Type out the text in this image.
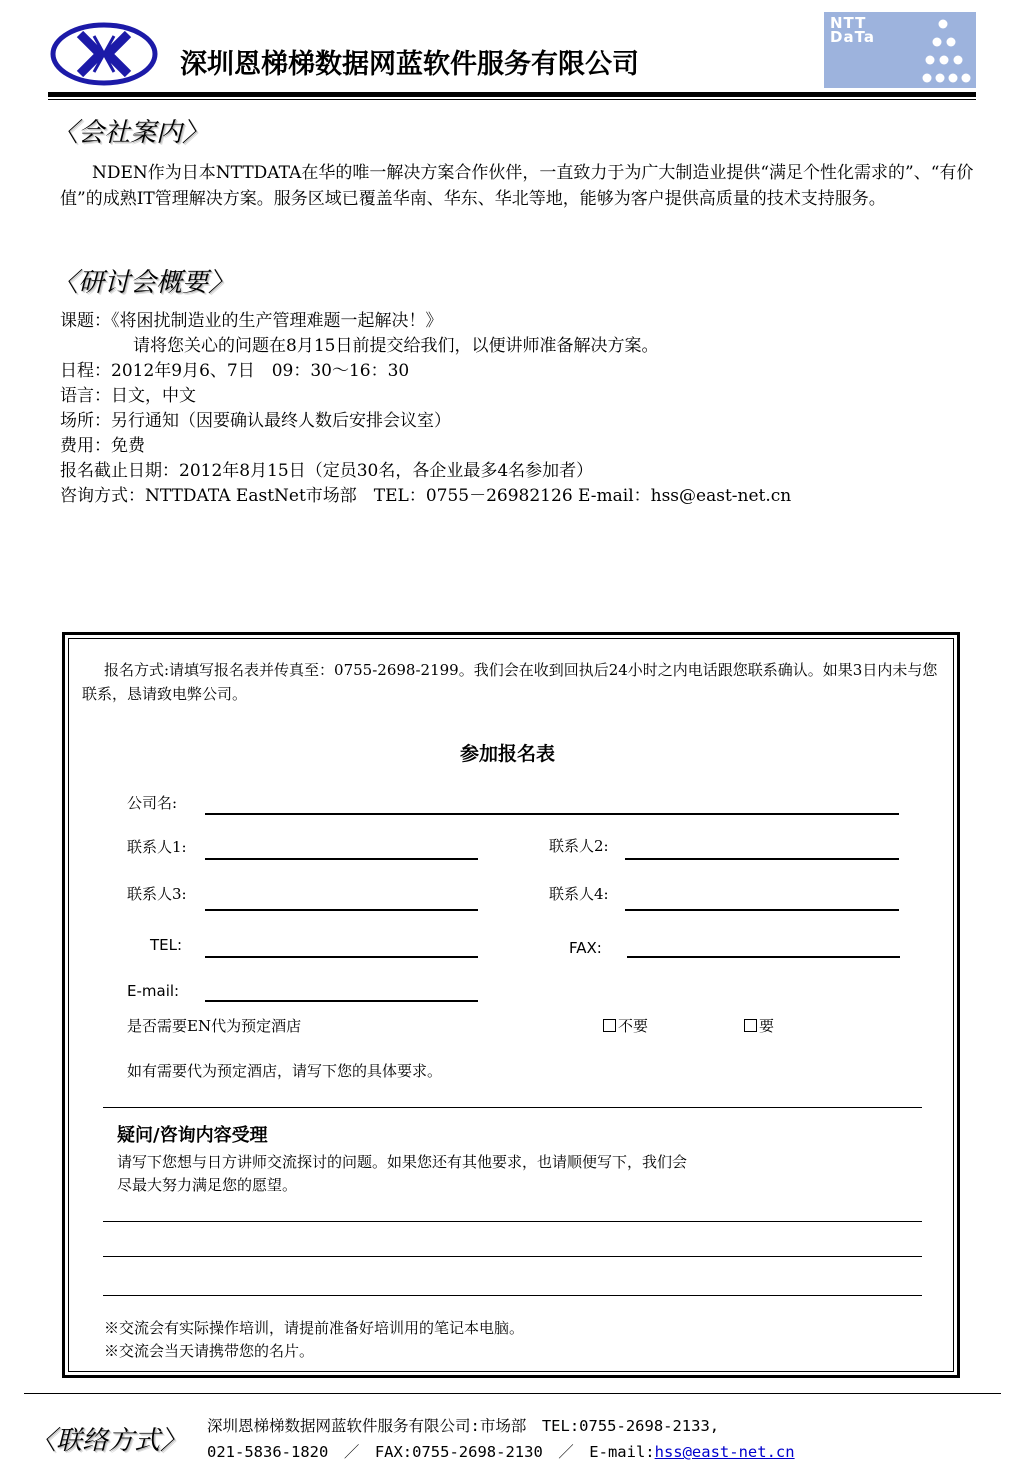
深圳恩梯梯数据网蓝软件服务有限公司
NTT
DaTa
〈会社案内〉
NDEN作为日本NTTDATA在华的唯一解决方案合作伙伴，一直致力于为广大制造业提供“满足个性化需求的”、“有价值”的成熟IT管理解决方案。服务区域已覆盖华南、华东、华北等地，能够为客户提供高质量的技术支持服务。
〈研讨会概要〉
课题：《将困扰制造业的生产管理难题一起解决！》
请将您关心的问题在8月15日前提交给我们，以便讲师准备解决方案。
日程：2012年9月6、7日　09：30～16：30
语言：日文，中文
场所：另行通知（因要确认最终人数后安排会议室）
费用：免费
报名截止日期：2012年8月15日（定员30名，各企业最多4名参加者）
咨询方式：NTTDATA EastNet市场部　TEL：0755－26982126 E-mail：hss@east-net.cn
报名方式:请填写报名表并传真至：0755-2698-2199。我们会在收到回执后24小时之内电话跟您联系确认。如果3日内未与您联系，恳请致电弊公司。
参加报名表
公司名:
联系人1:	联系人2:
联系人3:	联系人4:
TEL:	FAX:
E-mail:
是否需要EN代为预定酒店	不要	要
如有需要代为预定酒店，请写下您的具体要求。
疑问/咨询内容受理
请写下您想与日方讲师交流探讨的问题。如果您还有其他要求，也请顺便写下，我们会
尽最大努力满足您的愿望。
※交流会有实际操作培训，请提前准备好培训用的笔记本电脑。
※交流会当天请携带您的名片。
〈联络方式〉 深圳恩梯梯数据网蓝软件服务有限公司:市场部　TEL:0755-2698-2133,
021-5836-1820　／　FAX:0755-2698-2130　／　E-mail:hss@east-net.cn
